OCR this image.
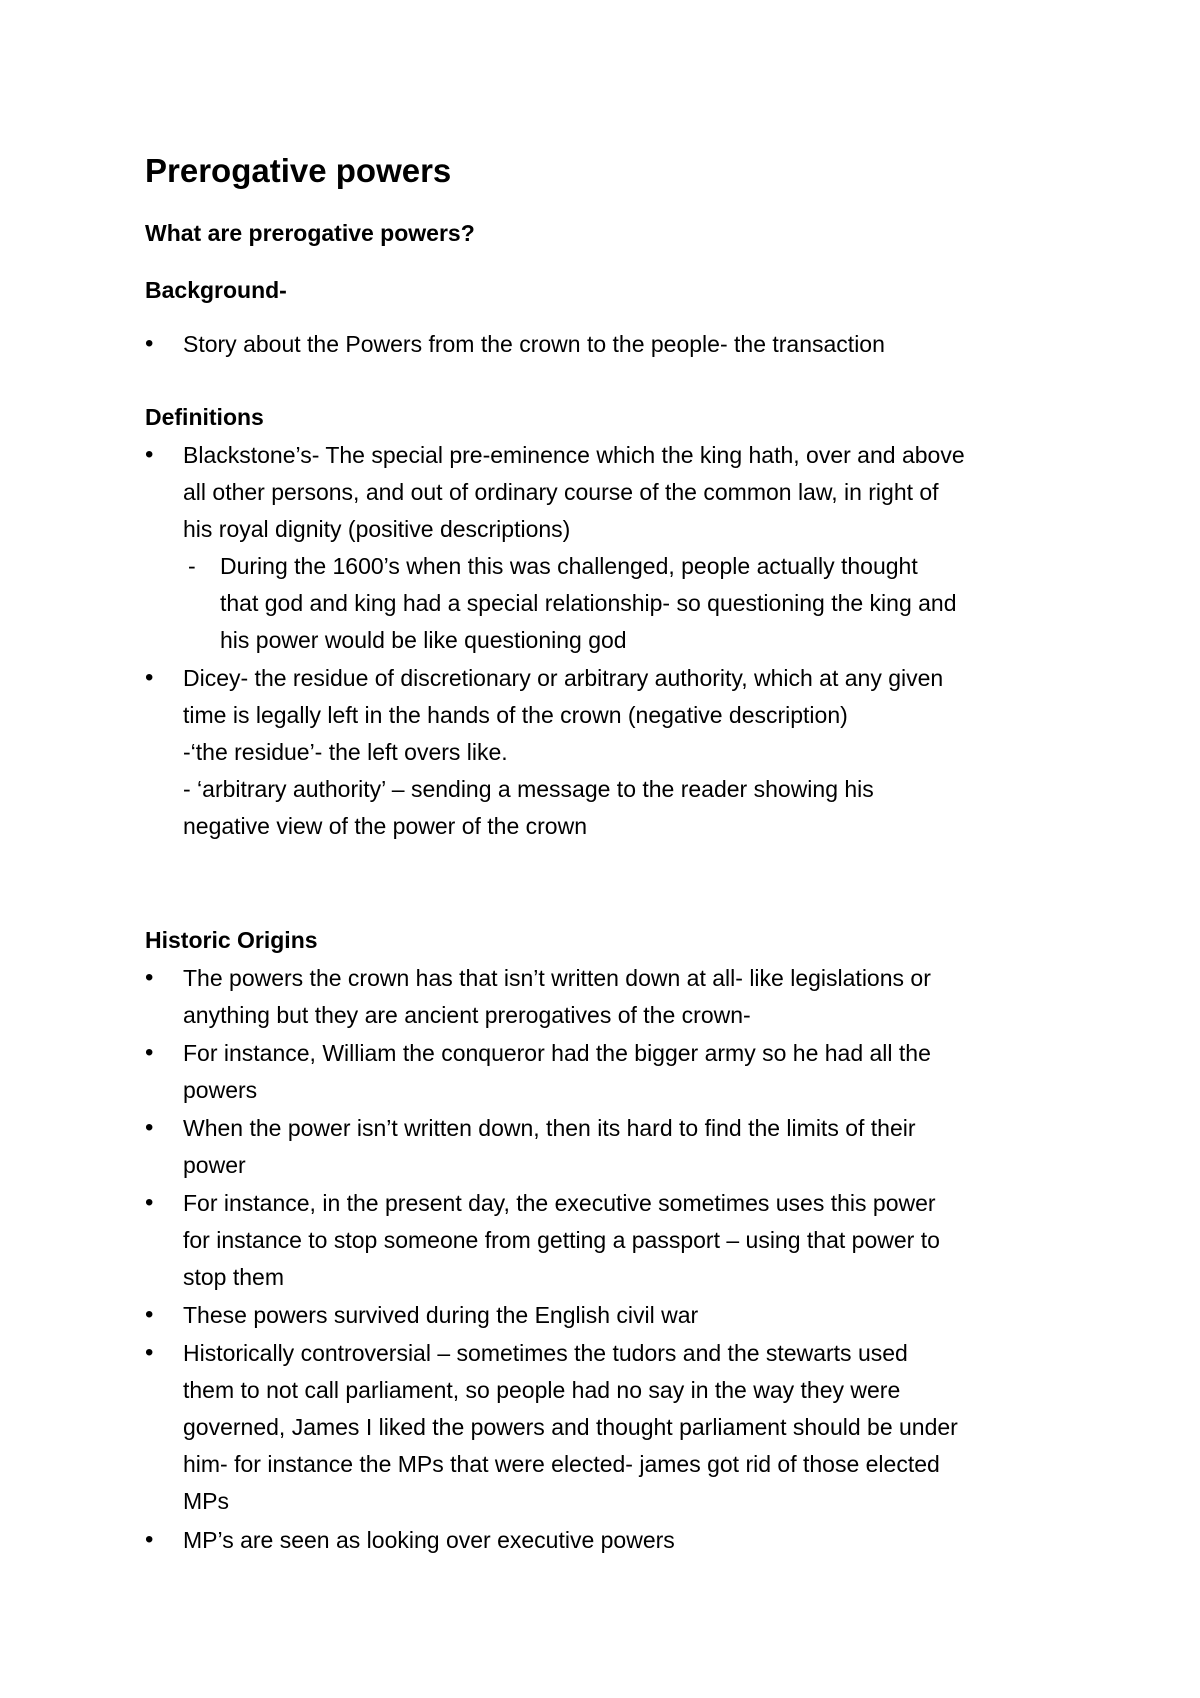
Prerogative powers
What are prerogative powers?
Background-
•	Story about the Powers from the crown to the people- the transaction
Definitions
•	Blackstone’s- The special pre-eminence which the king hath, over and above
all other persons, and out of ordinary course of the common law, in right of
his royal dignity (positive descriptions)
-	During the 1600’s when this was challenged, people actually thought
that god and king had a special relationship- so questioning the king and
his power would be like questioning god
•	Dicey- the residue of discretionary or arbitrary authority, which at any given
time is legally left in the hands of the crown (negative description)
-‘the residue’- the left overs like.
- ‘arbitrary authority’ – sending a message to the reader showing his
negative view of the power of the crown
Historic Origins
•	The powers the crown has that isn’t written down at all- like legislations or
anything but they are ancient prerogatives of the crown-
•	For instance, William the conqueror had the bigger army so he had all the
powers
•	When the power isn’t written down, then its hard to find the limits of their
power
•	For instance, in the present day, the executive sometimes uses this power
for instance to stop someone from getting a passport – using that power to
stop them
•	These powers survived during the English civil war
•	Historically controversial – sometimes the tudors and the stewarts used
them to not call parliament, so people had no say in the way they were
governed, James I liked the powers and thought parliament should be under
him- for instance the MPs that were elected- james got rid of those elected
MPs
•	MP’s are seen as looking over executive powers
